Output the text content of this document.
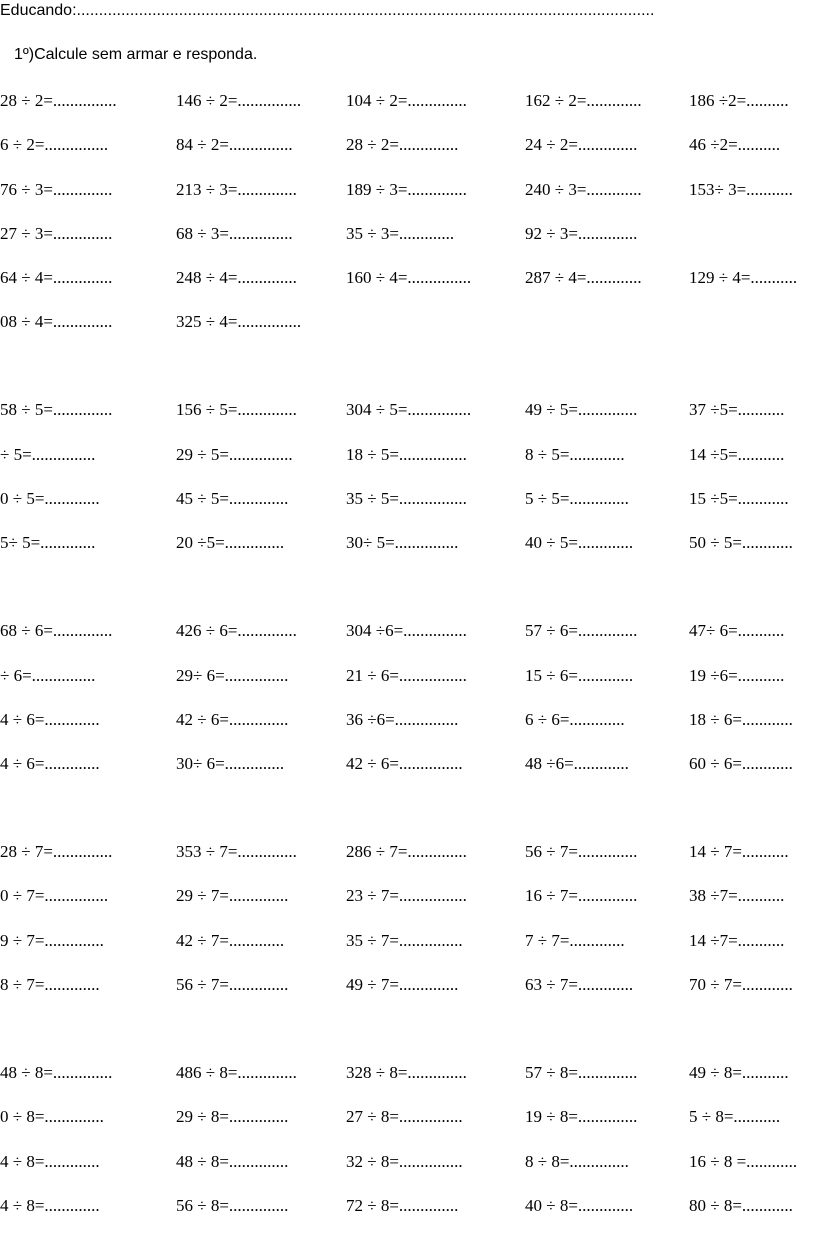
Educando:..................................................................................................................................
1º)Calcule sem armar e responda.
28 ÷ 2=...............	146 ÷ 2=...............	104 ÷ 2=..............	162 ÷ 2=.............	186 ÷2=..........
6 ÷ 2=...............	84 ÷ 2=...............	28 ÷ 2=..............	24 ÷ 2=..............	46 ÷2=..........
76 ÷ 3=..............	213 ÷ 3=..............	189 ÷ 3=..............	240 ÷ 3=.............	153÷ 3=...........
27 ÷ 3=..............	68 ÷ 3=...............	35 ÷ 3=.............	92 ÷ 3=..............
64 ÷ 4=..............	248 ÷ 4=..............	160 ÷ 4=...............	287 ÷ 4=.............	129 ÷ 4=...........
08 ÷ 4=..............	325 ÷ 4=...............
58 ÷ 5=..............	156 ÷ 5=..............	304 ÷ 5=...............	49 ÷ 5=..............	37 ÷5=...........
÷ 5=...............	29 ÷ 5=...............	18 ÷ 5=................	8 ÷ 5=.............	14 ÷5=...........
0 ÷ 5=.............	45 ÷ 5=..............	35 ÷ 5=................	5 ÷ 5=..............	15 ÷5=............
5÷ 5=.............	20 ÷5=..............	30÷ 5=...............	40 ÷ 5=.............	50 ÷ 5=............
68 ÷ 6=..............	426 ÷ 6=..............	304 ÷6=...............	57 ÷ 6=..............	47÷ 6=...........
÷ 6=...............	29÷ 6=...............	21 ÷ 6=................	15 ÷ 6=.............	19 ÷6=...........
4 ÷ 6=.............	42 ÷ 6=..............	36 ÷6=...............	6 ÷ 6=.............	18 ÷ 6=............
4 ÷ 6=.............	30÷ 6=..............	42 ÷ 6=...............	48 ÷6=.............	60 ÷ 6=............
28 ÷ 7=..............	353 ÷ 7=..............	286 ÷ 7=..............	56 ÷ 7=..............	14 ÷ 7=...........
0 ÷ 7=...............	29 ÷ 7=..............	23 ÷ 7=................	16 ÷ 7=..............	38 ÷7=...........
9 ÷ 7=..............	42 ÷ 7=.............	35 ÷ 7=...............	7 ÷ 7=.............	14 ÷7=...........
8 ÷ 7=.............	56 ÷ 7=..............	49 ÷ 7=..............	63 ÷ 7=.............	70 ÷ 7=............
48 ÷ 8=..............	486 ÷ 8=..............	328 ÷ 8=..............	57 ÷ 8=..............	49 ÷ 8=...........
0 ÷ 8=..............	29 ÷ 8=..............	27 ÷ 8=...............	19 ÷ 8=..............	5 ÷ 8=...........
4 ÷ 8=.............	48 ÷ 8=..............	32 ÷ 8=...............	8 ÷ 8=..............	16 ÷ 8 =............
4 ÷ 8=.............	56 ÷ 8=..............	72 ÷ 8=..............	40 ÷ 8=.............	80 ÷ 8=............
